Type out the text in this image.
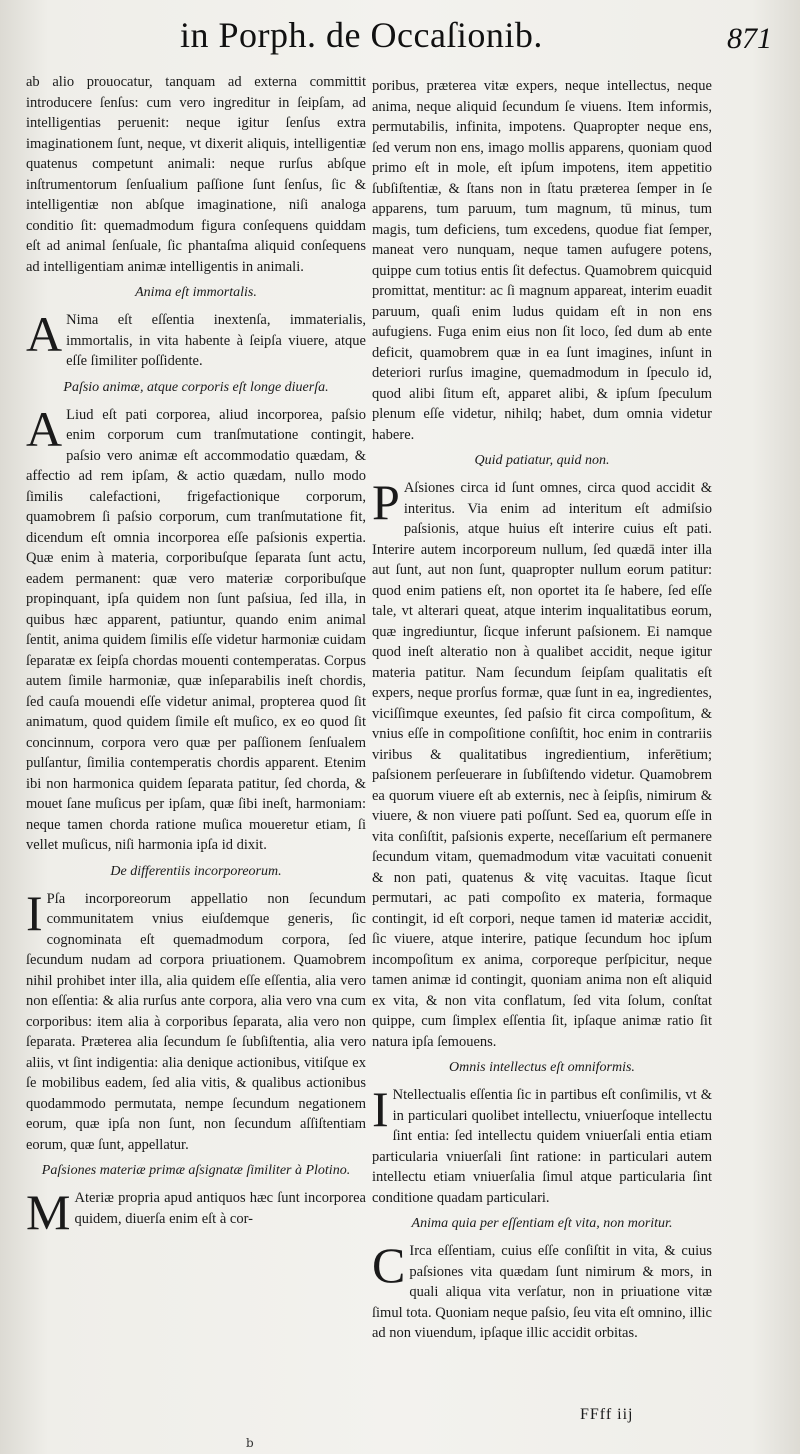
in Porph. de Occaſionib.	871

ab alio prouocatur, tanquam ad externa committit introducere ſenſus: cum vero ingreditur in ſeipſam, ad intelligentias peruenit: neque igitur ſenſus extra imaginationem ſunt, neque, vt dixerit aliquis, intelligentiæ quatenus competunt animali: neque rurſus abſque inſtrumentorum ſenſualium paſſione ſunt ſenſus, ſic & intelligentiæ non abſque imaginatione, niſi analoga conditio ſit: quemadmodum figura conſequens quiddam eſt ad animal ſenſuale, ſic phantaſma aliquid conſequens ad intelligentiam animæ intelligentis in animali.

Anima eſt immortalis.

A Nima eſt eſſentia inextenſa, immaterialis, immortalis, in vita habente à ſeipſa viuere, atque eſſe ſimiliter poſſidente.

Paſsio animæ, atque corporis eſt longe diuerſa.

A Liud eſt pati corporea, aliud incorporea, paſsio enim corporum cum tranſmutatione contingit, paſsio vero animæ eſt accommodatio quædam, & affectio ad rem ipſam, & actio quædam, nullo modo ſimilis calefactioni, frigefactionique corporum, quamobrem ſi paſsio corporum, cum tranſmutatione fit, dicendum eſt omnia incorporea eſſe paſsionis expertia. Quæ enim à materia, corporibuſque ſeparata ſunt actu, eadem permanent: quæ vero materiæ corporibuſque propinquant, ipſa quidem non ſunt paſsiua, ſed illa, in quibus hæc apparent, patiuntur, quando enim animal ſentit, anima quidem ſimilis eſſe videtur harmoniæ cuidam ſeparatæ ex ſeipſa chordas mouenti contemperatas. Corpus autem ſimile harmoniæ, quæ inſeparabilis ineſt chordis, ſed cauſa mouendi eſſe videtur animal, propterea quod ſit animatum, quod quidem ſimile eſt muſico, ex eo quod ſit concinnum, corpora vero quæ per paſſionem ſenſualem pulſantur, ſimilia contemperatis chordis apparent. Etenim ibi non harmonica quidem ſeparata patitur, ſed chorda, & mouet ſane muſicus per ipſam, quæ ſibi ineſt, harmoniam: neque tamen chorda ratione muſica moueretur etiam, ſi vellet muſicus, niſi harmonia ipſa id dixit.

De differentiis incorporeorum.

I Pſa incorporeorum appellatio non ſecundum communitatem vnius eiuſdemque generis, ſic cognominata eſt quemadmodum corpora, ſed ſecundum nudam ad corpora priuationem. Quamobrem nihil prohibet inter illa, alia quidem eſſe eſſentia, alia vero non eſſentia: & alia rurſus ante corpora, alia vero vna cum corporibus: item alia à corporibus ſeparata, alia vero non ſeparata. Præterea alia ſecundum ſe ſubſiſtentia, alia vero aliis, vt ſint indigentia: alia denique actionibus, vitiſque ex ſe mobilibus eadem, ſed alia vitis, & qualibus actionibus quodammodo permutata, nempe ſecundum negationem eorum, quæ ipſa non ſunt, non ſecundum aſſiſtentiam eorum, quæ ſunt, appellatur.

Paſsiones materiæ primæ aſsignatæ ſimiliter à Plotino.

M Ateriæ propria apud antiquos hæc ſunt incorporea quidem, diuerſa enim eſt à cor-

poribus, præterea vitæ expers, neque intellectus, neque anima, neque aliquid ſecundum ſe viuens. Item informis, permutabilis, infinita, impotens. Quapropter neque ens, ſed verum non ens, imago mollis apparens, quoniam quod primo eſt in mole, eſt ipſum impotens, item appetitio ſubſiſtentiæ, & ſtans non in ſtatu præterea ſemper in ſe apparens, tum paruum, tum magnum, tū minus, tum magis, tum deficiens, tum excedens, quodue fiat ſemper, maneat vero nunquam, neque tamen aufugere potens, quippe cum totius entis ſit defectus. Quamobrem quicquid promittat, mentitur: ac ſi magnum appareat, interim euadit paruum, quaſi enim ludus quidam eſt in non ens aufugiens. Fuga enim eius non ſit loco, ſed dum ab ente deficit, quamobrem quæ in ea ſunt imagines, inſunt in deteriori rurſus imagine, quemadmodum in ſpeculo id, quod alibi ſitum eſt, apparet alibi, & ipſum ſpeculum plenum eſſe videtur, nihilq; habet, dum omnia videtur habere.

Quid patiatur, quid non.

P Aſsiones circa id ſunt omnes, circa quod accidit & interitus. Via enim ad interitum eſt admiſsio paſsionis, atque huius eſt interire cuius eſt pati. Interire autem incorporeum nullum, ſed quædā inter illa aut ſunt, aut non ſunt, quapropter nullum eorum patitur: quod enim patiens eſt, non oportet ita ſe habere, ſed eſſe tale, vt alterari queat, atque interim inqualitatibus eorum, quæ ingrediuntur, ſicque inferunt paſsionem. Ei namque quod ineſt alteratio non à qualibet accidit, neque igitur materia patitur. Nam ſecundum ſeipſam qualitatis eſt expers, neque prorſus formæ, quæ ſunt in ea, ingredientes, viciſſimque exeuntes, ſed paſsio fit circa compoſitum, & vnius eſſe in compoſitione conſiſtit, hoc enim in contrariis viribus & qualitatibus ingredientium, inferētium; paſsionem perſeuerare in ſubſiſtendo videtur. Quamobrem ea quorum viuere eſt ab externis, nec à ſeipſis, nimirum & viuere, & non viuere pati poſſunt. Sed ea, quorum eſſe in vita conſiſtit, paſsionis experte, neceſſarium eſt permanere ſecundum vitam, quemadmodum vitæ vacuitati conuenit & non pati, quatenus & vitę vacuitas. Itaque ſicut permutari, ac pati compoſito ex materia, formaque contingit, id eſt corpori, neque tamen id materiæ accidit, ſic viuere, atque interire, patique ſecundum hoc ipſum incompoſitum ex anima, corporeque perſpicitur, neque tamen animæ id contingit, quoniam anima non eſt aliquid ex vita, & non vita conflatum, ſed vita ſolum, conſtat quippe, cum ſimplex eſſentia ſit, ipſaque animæ ratio ſit natura ipſa ſemouens.

Omnis intellectus eſt omniformis.

I Ntellectualis eſſentia ſic in partibus eſt conſimilis, vt & in particulari quolibet intellectu, vniuerſoque intellectu ſint entia: ſed intellectu quidem vniuerſali entia etiam particularia vniuerſali ſint ratione: in particulari autem intellectu etiam vniuerſalia ſimul atque particularia ſint conditione quadam particulari.

Anima quia per eſſentiam eſt vita, non moritur.

C Irca eſſentiam, cuius eſſe conſiſtit in vita, & cuius paſsiones vita quædam ſunt nimirum & mors, in quali aliqua vita verſatur, non in priuatione vitæ ſimul tota. Quoniam neque paſsio, ſeu vita eſt omnino, illic ad non viuendum, ipſaque illic accidit orbitas.

FFff iij
b
